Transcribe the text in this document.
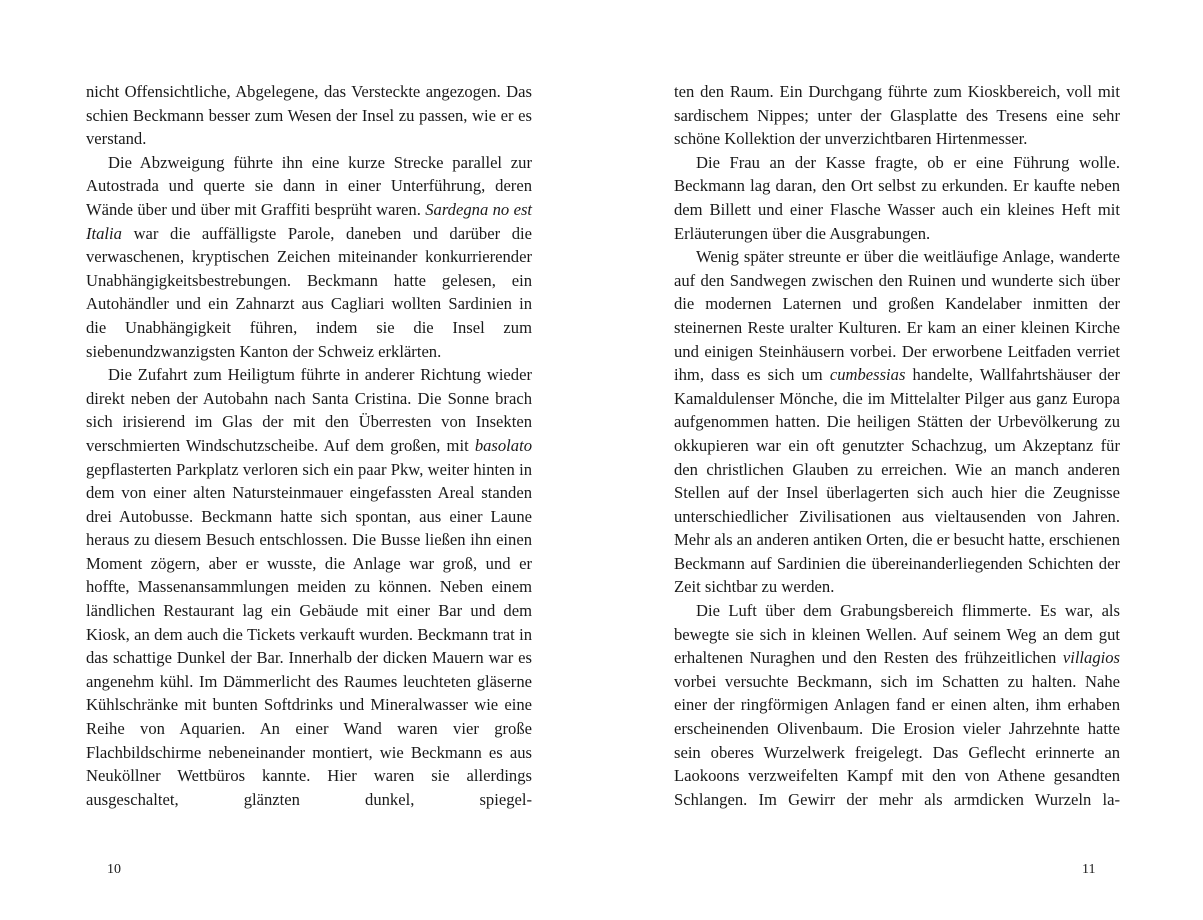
nicht Offensichtliche, Abgelegene, das Versteckte angezogen. Das schien Beckmann besser zum Wesen der Insel zu passen, wie er es verstand.

Die Abzweigung führte ihn eine kurze Strecke parallel zur Autostrada und querte sie dann in einer Unterführung, deren Wände über und über mit Graffiti besprüht waren. Sardegna no est Italia war die auffälligste Parole, daneben und darüber die verwaschenen, kryptischen Zeichen miteinander konkurrierender Unabhängigkeitsbestrebungen. Beckmann hatte gelesen, ein Autohändler und ein Zahnarzt aus Cagliari wollten Sardinien in die Unabhängigkeit führen, indem sie die Insel zum siebenundzwanzigsten Kanton der Schweiz erklärten.

Die Zufahrt zum Heiligtum führte in anderer Richtung wieder direkt neben der Autobahn nach Santa Cristina. Die Sonne brach sich irisierend im Glas der mit den Überresten von Insekten verschmierten Windschutzscheibe. Auf dem großen, mit basolato gepflasterten Parkplatz verloren sich ein paar Pkw, weiter hinten in dem von einer alten Natursteinmauer eingefassten Areal standen drei Autobusse. Beckmann hatte sich spontan, aus einer Laune heraus zu diesem Besuch entschlossen. Die Busse ließen ihn einen Moment zögern, aber er wusste, die Anlage war groß, und er hoffte, Massenansammlungen meiden zu können. Neben einem ländlichen Restaurant lag ein Gebäude mit einer Bar und dem Kiosk, an dem auch die Tickets verkauft wurden. Beckmann trat in das schattige Dunkel der Bar. Innerhalb der dicken Mauern war es angenehm kühl. Im Dämmerlicht des Raumes leuchteten gläserne Kühlschränke mit bunten Softdrinks und Mineralwasser wie eine Reihe von Aquarien. An einer Wand waren vier große Flachbildschirme nebeneinander montiert, wie Beckmann es aus Neuköllner Wettbüros kannte. Hier waren sie allerdings ausgeschaltet, glänzten dunkel, spiegel-

10

ten den Raum. Ein Durchgang führte zum Kioskbereich, voll mit sardischem Nippes; unter der Glasplatte des Tresens eine sehr schöne Kollektion der unverzichtbaren Hirtenmesser.

Die Frau an der Kasse fragte, ob er eine Führung wolle. Beckmann lag daran, den Ort selbst zu erkunden. Er kaufte neben dem Billett und einer Flasche Wasser auch ein kleines Heft mit Erläuterungen über die Ausgrabungen.

Wenig später streunte er über die weitläufige Anlage, wanderte auf den Sandwegen zwischen den Ruinen und wunderte sich über die modernen Laternen und großen Kandelaber inmitten der steinernen Reste uralter Kulturen. Er kam an einer kleinen Kirche und einigen Steinhäusern vorbei. Der erworbene Leitfaden verriet ihm, dass es sich um cumbessias handelte, Wallfahrtshäuser der Kamaldulenser Mönche, die im Mittelalter Pilger aus ganz Europa aufgenommen hatten. Die heiligen Stätten der Urbevölkerung zu okkupieren war ein oft genutzter Schachzug, um Akzeptanz für den christlichen Glauben zu erreichen. Wie an manch anderen Stellen auf der Insel überlagerten sich auch hier die Zeugnisse unterschiedlicher Zivilisationen aus vieltausenden von Jahren. Mehr als an anderen antiken Orten, die er besucht hatte, erschienen Beckmann auf Sardinien die übereinanderliegenden Schichten der Zeit sichtbar zu werden.

Die Luft über dem Grabungsbereich flimmerte. Es war, als bewegte sie sich in kleinen Wellen. Auf seinem Weg an dem gut erhaltenen Nuraghen und den Resten des frühzeitlichen villagios vorbei versuchte Beckmann, sich im Schatten zu halten. Nahe einer der ringförmigen Anlagen fand er einen alten, ihm erhaben erscheinenden Olivenbaum. Die Erosion vieler Jahrzehnte hatte sein oberes Wurzelwerk freigelegt. Das Geflecht erinnerte an Laokoons verzweifelten Kampf mit den von Athene gesandten Schlangen. Im Gewirr der mehr als armdicken Wurzeln la-

11
